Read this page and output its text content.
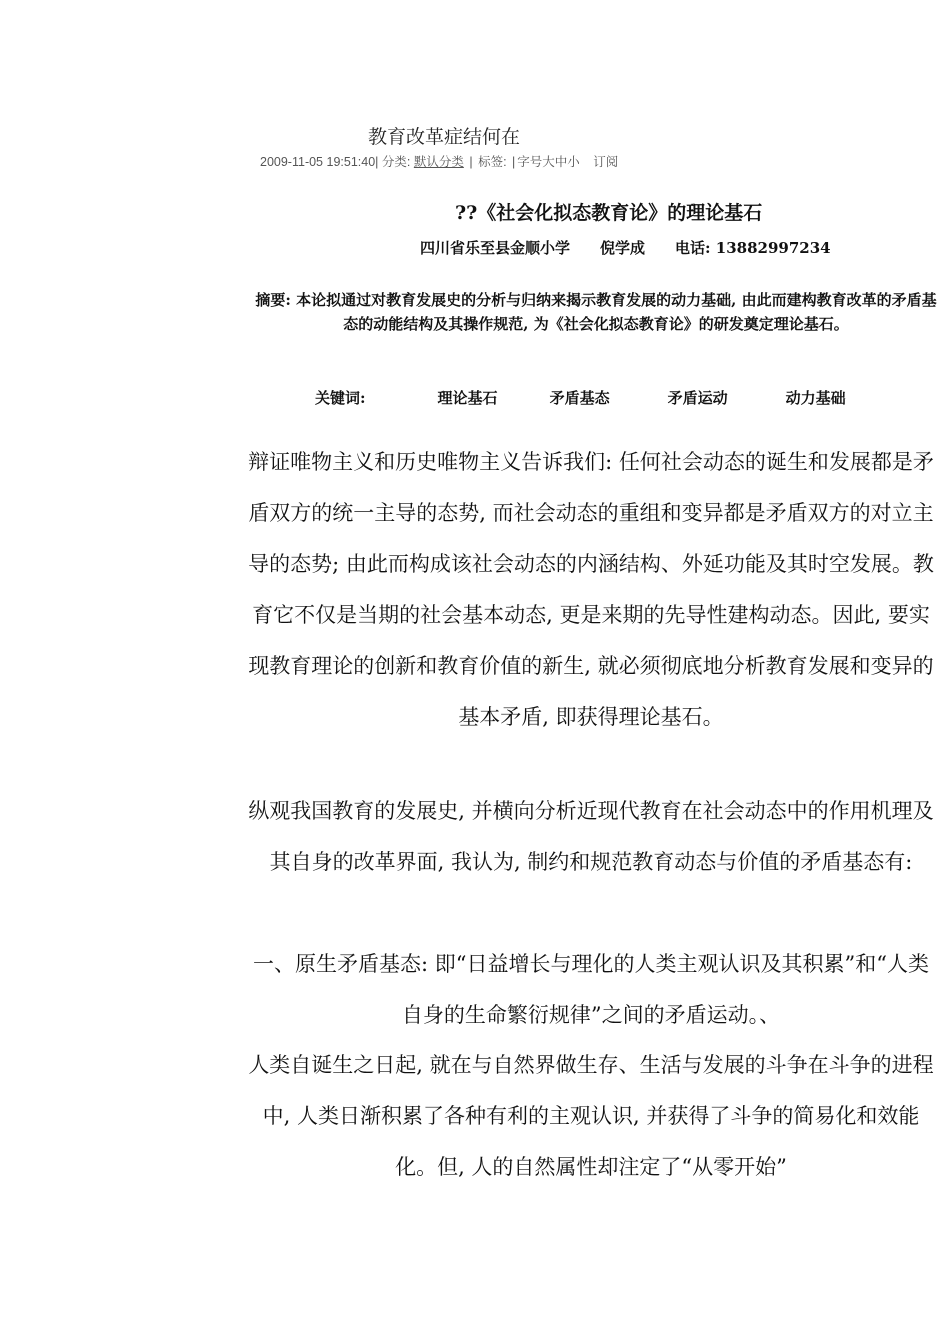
教育改革症结何在
2009-11-05 19:51:40| 分类: 默认分类 | 标签: | 字号大中小 订阅
??《社会化拟态教育论》的理论基石
四川省乐至县金顺小学 倪学成 电话: 13882997234
摘要: 本论拟通过对教育发展史的分析与归纳来揭示教育发展的动力基础, 由此而建构教育改革的矛盾基态的动能结构及其操作规范, 为《社会化拟态教育论》的研发奠定理论基石。
关键词:	理论基石	矛盾基态	矛盾运动	动力基础
辩证唯物主义和历史唯物主义告诉我们: 任何社会动态的诞生和发展都是矛盾双方的统一主导的态势, 而社会动态的重组和变异都是矛盾双方的对立主导的态势; 由此而构成该社会动态的内涵结构、外延功能及其时空发展。教育它不仅是当期的社会基本动态, 更是来期的先导性建构动态。因此, 要实现教育理论的创新和教育价值的新生, 就必须彻底地分析教育发展和变异的基本矛盾, 即获得理论基石。
纵观我国教育的发展史, 并横向分析近现代教育在社会动态中的作用机理及其自身的改革界面, 我认为, 制约和规范教育动态与价值的矛盾基态有:
一、原生矛盾基态: 即“日益增长与理化的人类主观认识及其积累”和“人类自身的生命繁衍规律”之间的矛盾运动。、
人类自诞生之日起, 就在与自然界做生存、生活与发展的斗争在斗争的进程中, 人类日渐积累了各种有利的主观认识, 并获得了斗争的简易化和效能化。但, 人的自然属性却注定了“从零开始”
